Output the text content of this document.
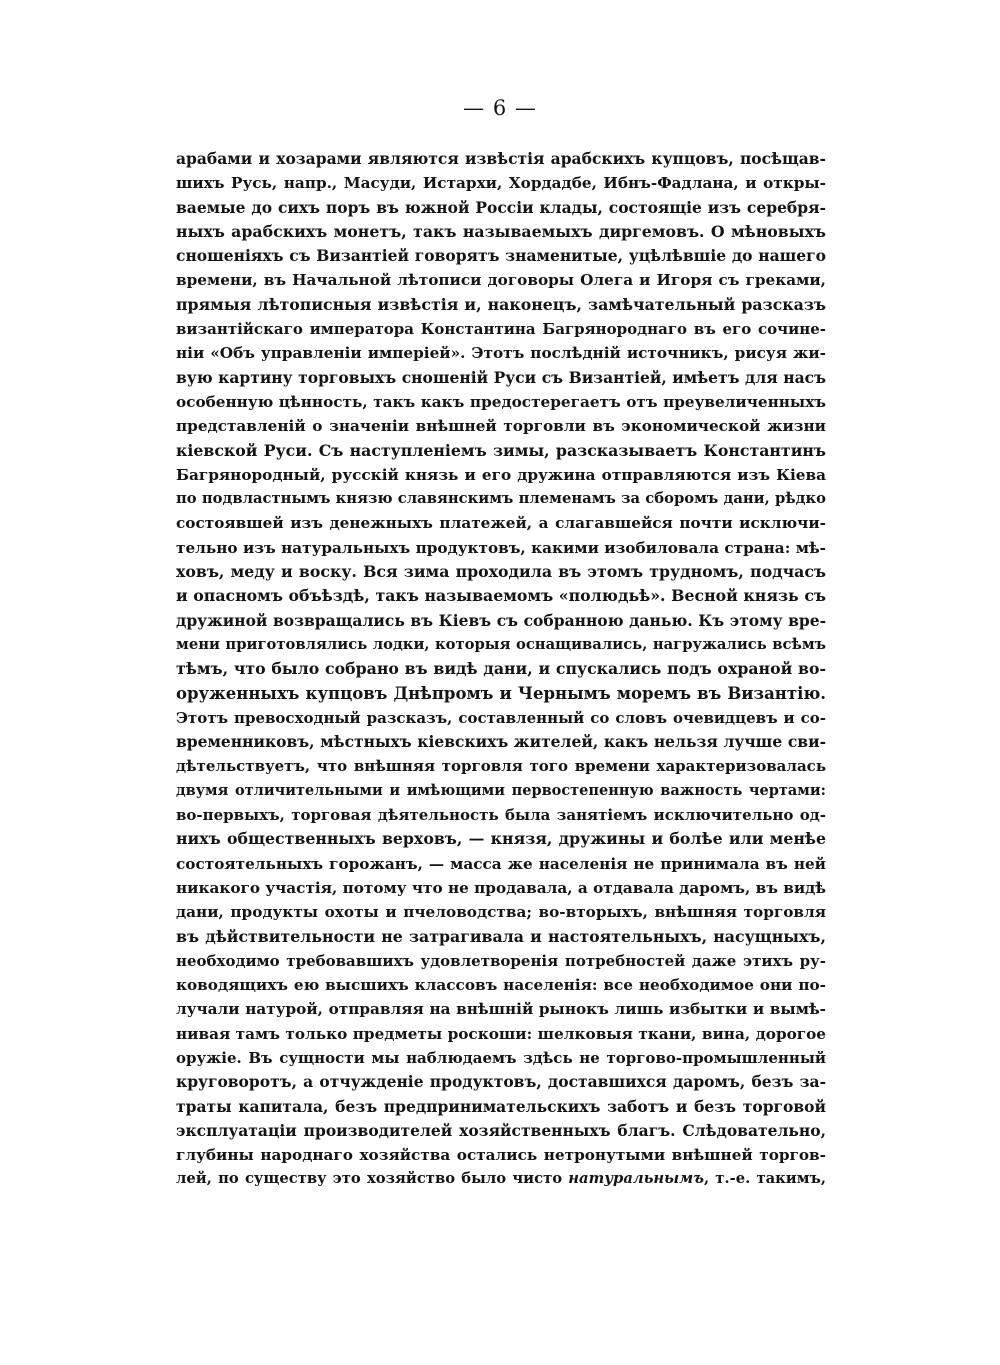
— 6 —
арабами и хозарами являются извѣстія арабскихъ купцовъ, посѣщав-
шихъ Русь, напр., Масуди, Истархи, Хордадбе, Ибнъ-Фадлана, и откры-
ваемые до сихъ поръ въ южной Россіи клады, состоящіе изъ серебря-
ныхъ арабскихъ монетъ, такъ называемыхъ диргемовъ. О мѣновыхъ
сношеніяхъ съ Византіей говорятъ знаменитые, уцѣлѣвшіе до нашего
времени, въ Начальной лѣтописи договоры Олега и Игоря съ греками,
прямыя лѣтописныя извѣстія и, наконецъ, замѣчательный разсказъ
византійскаго императора Константина Багрянороднаго въ его сочине-
ніи «Объ управленіи имперіей». Этотъ послѣдній источникъ, рисуя жи-
вую картину торговыхъ сношеній Руси съ Византіей, имѣетъ для насъ
особенную цѣнность, такъ какъ предостерегаетъ отъ преувеличенныхъ
представленій о значеніи внѣшней торговли въ экономической жизни
кіевской Руси. Съ наступленіемъ зимы, разсказываетъ Константинъ
Багрянородный, русскій князь и его дружина отправляются изъ Кіева
по подвластнымъ князю славянскимъ племенамъ за сборомъ дани, рѣдко
состоявшей изъ денежныхъ платежей, а слагавшейся почти исключи-
тельно изъ натуральныхъ продуктовъ, какими изобиловала страна: мѣ-
ховъ, меду и воску. Вся зима проходила въ этомъ трудномъ, подчасъ
и опасномъ объѣздѣ, такъ называемомъ «полюдьѣ». Весной князь съ
дружиной возвращались въ Кіевъ съ собранною данью. Къ этому вре-
мени приготовлялись лодки, которыя оснащивались, нагружались всѣмъ
тѣмъ, что было собрано въ видѣ дани, и спускались подъ охраной во-
оруженныхъ купцовъ Днѣпромъ и Чернымъ моремъ въ Византію.
Этотъ превосходный разсказъ, составленный со словъ очевидцевъ и со-
временниковъ, мѣстныхъ кіевскихъ жителей, какъ нельзя лучше сви-
дѣтельствуетъ, что внѣшняя торговля того времени характеризовалась
двумя отличительными и имѣющими первостепенную важность чертами:
во-первыхъ, торговая дѣятельность была занятіемъ исключительно од-
нихъ общественныхъ верховъ, — князя, дружины и болѣе или менѣе
состоятельныхъ горожанъ, — масса же населенія не принимала въ ней
никакого участія, потому что не продавала, а отдавала даромъ, въ видѣ
дани, продукты охоты и пчеловодства; во-вторыхъ, внѣшняя торговля
въ дѣйствительности не затрагивала и настоятельныхъ, насущныхъ,
необходимо требовавшихъ удовлетворенія потребностей даже этихъ ру-
ководящихъ ею высшихъ классовъ населенія: все необходимое они по-
лучали натурой, отправляя на внѣшній рынокъ лишь избытки и вымѣ-
нивая тамъ только предметы роскоши: шелковыя ткани, вина, дорогое
оружіе. Въ сущности мы наблюдаемъ здѣсь не торгово-промышленный
круговоротъ, а отчужденіе продуктовъ, доставшихся даромъ, безъ за-
траты капитала, безъ предпринимательскихъ заботъ и безъ торговой
эксплуатаціи производителей хозяйственныхъ благъ. Слѣдовательно,
глубины народнаго хозяйства остались нетронутыми внѣшней торгов-
лей, по существу это хозяйство было чисто натуральнымъ, т.-е. такимъ,
